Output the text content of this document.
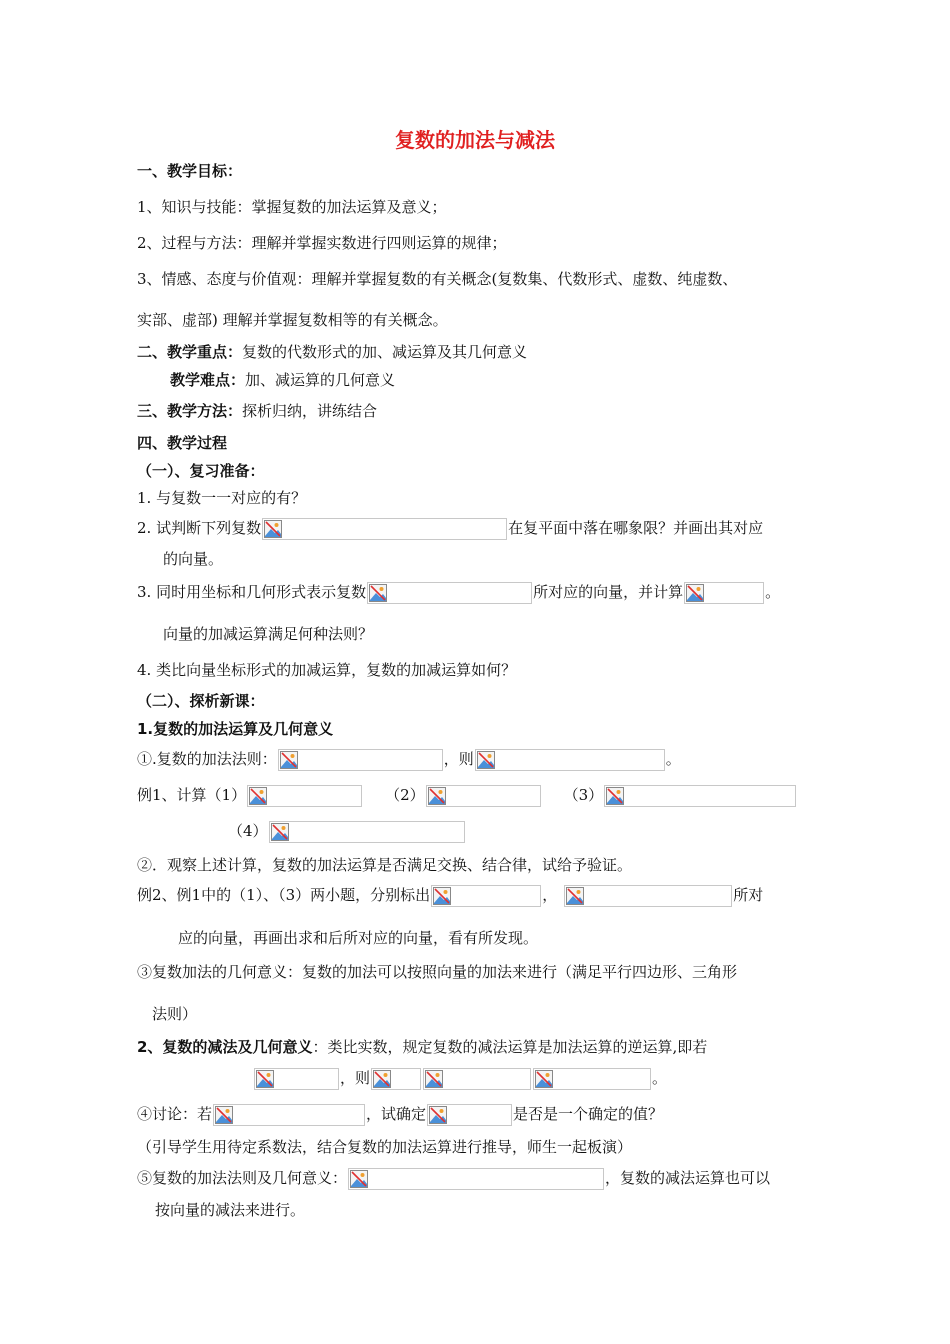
复数的加法与减法
一、教学目标：
1、知识与技能：掌握复数的加法运算及意义；
2、过程与方法：理解并掌握实数进行四则运算的规律；
3、情感、态度与价值观：理解并掌握复数的有关概念(复数集、代数形式、虚数、纯虚数、
实部、虚部) 理解并掌握复数相等的有关概念。
二、教学重点：复数的代数形式的加、减运算及其几何意义
教学难点：加、减运算的几何意义
三、教学方法：探析归纳，讲练结合
四、教学过程
（一）、复习准备：
1. 与复数一一对应的有？
2. 试判断下列复数	在复平面中落在哪象限？并画出其对应
的向量。
3. 同时用坐标和几何形式表示复数	所对应的向量，并计算	。
向量的加减运算满足何种法则？
4. 类比向量坐标形式的加减运算，复数的加减运算如何？
（二）、探析新课：
1.复数的加法运算及几何意义
①.复数的加法法则：	，则	。
例1、计算（1）	（2）	（3）
（4）
②．观察上述计算，复数的加法运算是否满足交换、结合律，试给予验证。
例2、例1中的（1）、（3）两小题，分别标出	，	所对
应的向量，再画出求和后所对应的向量，看有所发现。
③复数加法的几何意义：复数的加法可以按照向量的加法来进行（满足平行四边形、三角形
法则）
2、复数的减法及几何意义：类比实数，规定复数的减法运算是加法运算的逆运算,即若
，则	。
④讨论：若	，试确定	是否是一个确定的值？
（引导学生用待定系数法，结合复数的加法运算进行推导，师生一起板演）
⑤复数的加法法则及几何意义：	，复数的减法运算也可以
按向量的减法来进行。
